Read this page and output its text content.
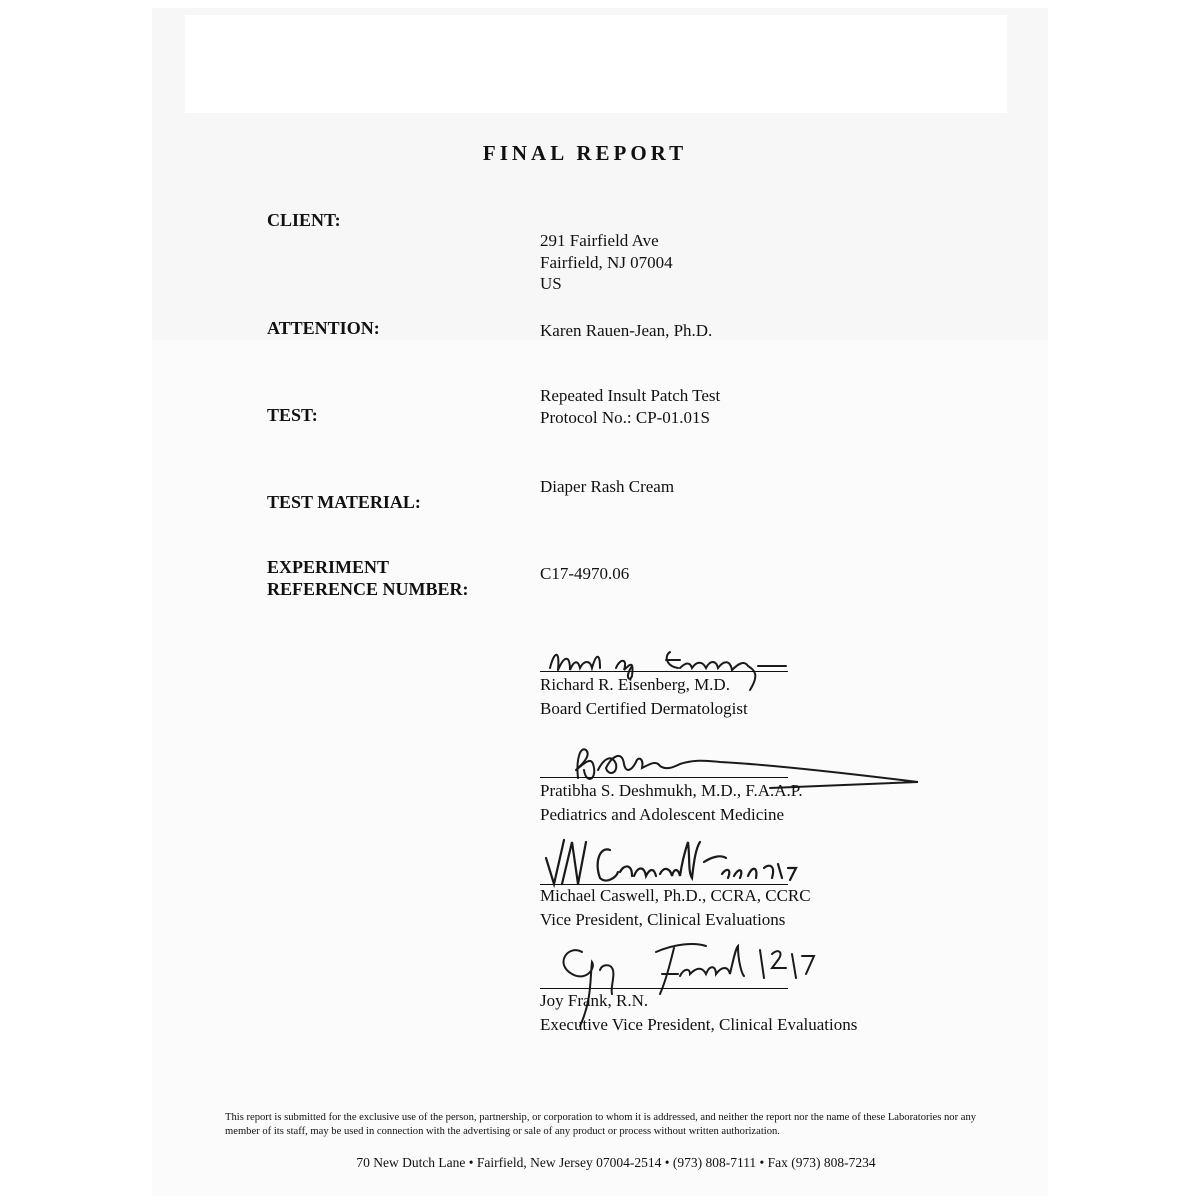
FINAL REPORT
CLIENT:
291 Fairfield Ave
Fairfield, NJ 07004
US
ATTENTION:	Karen Rauen-Jean, Ph.D.
TEST:
Repeated Insult Patch Test
Protocol No.: CP-01.01S
TEST MATERIAL:
Diaper Rash Cream
EXPERIMENT
REFERENCE NUMBER:
C17-4970.06
Richard R. Eisenberg, M.D.
Board Certified Dermatologist
Pratibha S. Deshmukh, M.D., F.A.A.P.
Pediatrics and Adolescent Medicine
Michael Caswell, Ph.D., CCRA, CCRC
Vice President, Clinical Evaluations
Joy Frank, R.N.
Executive Vice President, Clinical Evaluations
This report is submitted for the exclusive use of the person, partnership, or corporation to whom it is addressed, and neither the report nor the name of these Laboratories nor any member of its staff, may be used in connection with the advertising or sale of any product or process without written authorization.
70 New Dutch Lane • Fairfield, New Jersey 07004-2514 • (973) 808-7111 • Fax (973) 808-7234
